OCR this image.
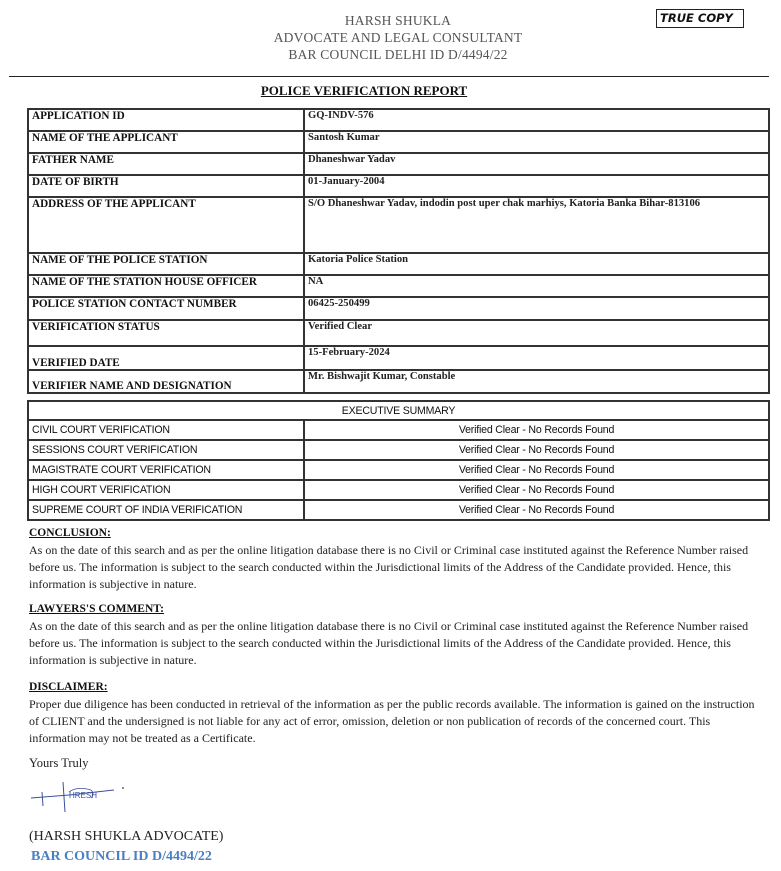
HARSH SHUKLA
ADVOCATE AND LEGAL CONSULTANT
BAR COUNCIL DELHI ID D/4494/22
TRUE COPY
POLICE VERIFICATION REPORT
APPLICATION ID	GQ-INDV-576
NAME OF THE APPLICANT	Santosh Kumar
FATHER NAME	Dhaneshwar Yadav
DATE OF BIRTH	01-January-2004
ADDRESS OF THE APPLICANT	S/O Dhaneshwar Yadav, indodin post uper chak marhiys, Katoria Banka Bihar-813106
NAME OF THE POLICE STATION	Katoria Police Station
NAME OF THE STATION HOUSE OFFICER	NA
POLICE STATION CONTACT NUMBER	06425-250499
VERIFICATION STATUS	Verified Clear
VERIFIED DATE	15-February-2024
VERIFIER NAME AND DESIGNATION	Mr. Bishwajit Kumar, Constable
EXECUTIVE SUMMARY	
CIVIL COURT VERIFICATION	Verified Clear - No Records Found
SESSIONS COURT VERIFICATION	Verified Clear - No Records Found
MAGISTRATE COURT VERIFICATION	Verified Clear - No Records Found
HIGH COURT VERIFICATION	Verified Clear - No Records Found
SUPREME COURT OF INDIA VERIFICATION	Verified Clear - No Records Found
CONCLUSION:
As on the date of this search and as per the online litigation database there is no Civil or Criminal case instituted against the Reference Number raised before us. The information is subject to the search conducted within the Jurisdictional limits of the Address of the Candidate provided. Hence, this information is subjective in nature.
LAWYERS'S COMMENT:
As on the date of this search and as per the online litigation database there is no Civil or Criminal case instituted against the Reference Number raised before us. The information is subject to the search conducted within the Jurisdictional limits of the Address of the Candidate provided. Hence, this information is subjective in nature.
DISCLAIMER:
Proper due diligence has been conducted in retrieval of the information as per the public records available. The information is gained on the instruction of CLIENT and the undersigned is not liable for any act of error, omission, deletion or non publication of records of the concerned court. This information may not be treated as a Certificate.
Yours Truly
HRESH
(HARSH SHUKLA ADVOCATE)
BAR COUNCIL ID D/4494/22
